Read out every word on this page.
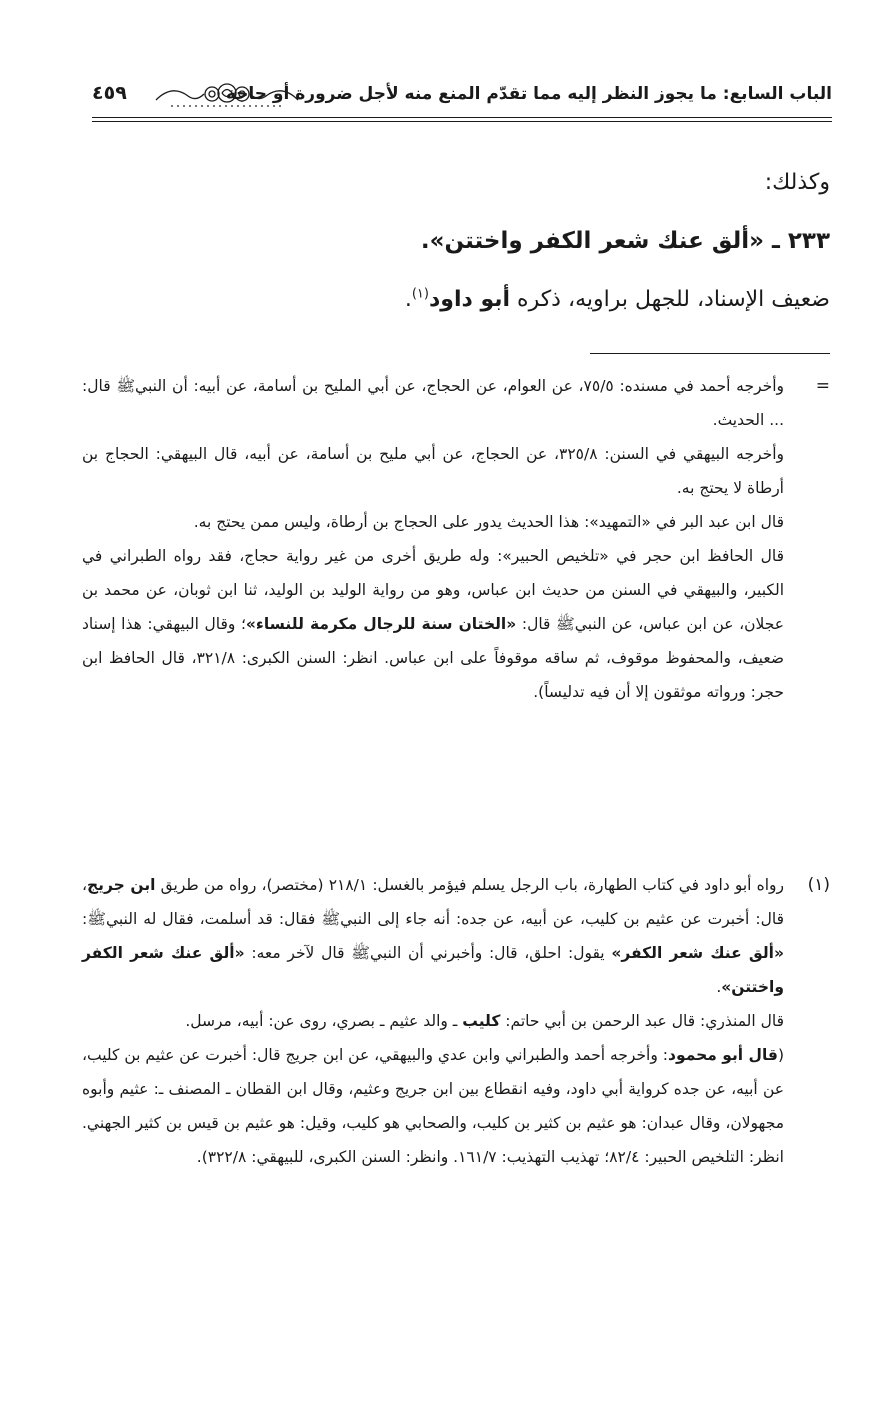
الباب السابع: ما يجوز النظر إليه مما تقدّم المنع منه لأجل ضرورة أو حاجة
٤٥٩
وكذلك:
٢٣٣ ـ «ألق عنك شعر الكفر واختتن».
ضعيف الإسناد، للجهل براويه، ذكره أبو داود$^{(١)}$.

=
وأخرجه أحمد في مسنده: ٧٥/٥، عن العوام، عن الحجاج، عن أبي المليح بن أسامة، عن أبيه: أن النبيﷺ قال: ... الحديث.

وأخرجه البيهقي في السنن: ٣٢٥/٨، عن الحجاج، عن أبي مليح بن أسامة، عن أبيه، قال البيهقي: الحجاج بن أرطاة لا يحتج به.

قال ابن عبد البر في «التمهيد»: هذا الحديث يدور على الحجاج بن أرطاة، وليس ممن يحتج به.

قال الحافظ ابن حجر في «تلخيص الحبير»: وله طريق أخرى من غير رواية حجاج، فقد رواه الطبراني في الكبير، والبيهقي في السنن من حديث ابن عباس، وهو من رواية الوليد بن الوليد، ثنا ابن ثوبان، عن محمد بن عجلان، عن ابن عباس، عن النبيﷺ قال: «الختان سنة للرجال مكرمة للنساء»؛ وقال البيهقي: هذا إسناد ضعيف، والمحفوظ موقوف، ثم ساقه موقوفاً على ابن عباس. انظر: السنن الكبرى: ٣٢١/٨، قال الحافظ ابن حجر: ورواته موثقون إلا أن فيه تدليساً).

(١)
رواه أبو داود في كتاب الطهارة، باب الرجل يسلم فيؤمر بالغسل: ٢١٨/١ (مختصر)، رواه من طريق ابن جريج، قال: أخبرت عن عثيم بن كليب، عن أبيه، عن جده: أنه جاء إلى النبيﷺ فقال: قد أسلمت، فقال له النبيﷺ: «ألق عنك شعر الكفر» يقول: احلق، قال: وأخبرني أن النبيﷺ قال لآخر معه: «ألق عنك شعر الكفر واختتن».

قال المنذري: قال عبد الرحمن بن أبي حاتم: كليب ـ والد عثيم ـ بصري، روى عن: أبيه، مرسل.

(قال أبو محمود: وأخرجه أحمد والطبراني وابن عدي والبيهقي، عن ابن جريج قال: أخبرت عن عثيم بن كليب، عن أبيه، عن جده كرواية أبي داود، وفيه انقطاع بين ابن جريج وعثيم، وقال ابن القطان ـ المصنف ـ: عثيم وأبوه مجهولان، وقال عبدان: هو عثيم بن كثير بن كليب، والصحابي هو كليب، وقيل: هو عثيم بن قيس بن كثير الجهني. انظر: التلخيص الحبير: ٨٢/٤؛ تهذيب التهذيب: ١٦١/٧. وانظر: السنن الكبرى، للبيهقي: ٣٢٢/٨).
